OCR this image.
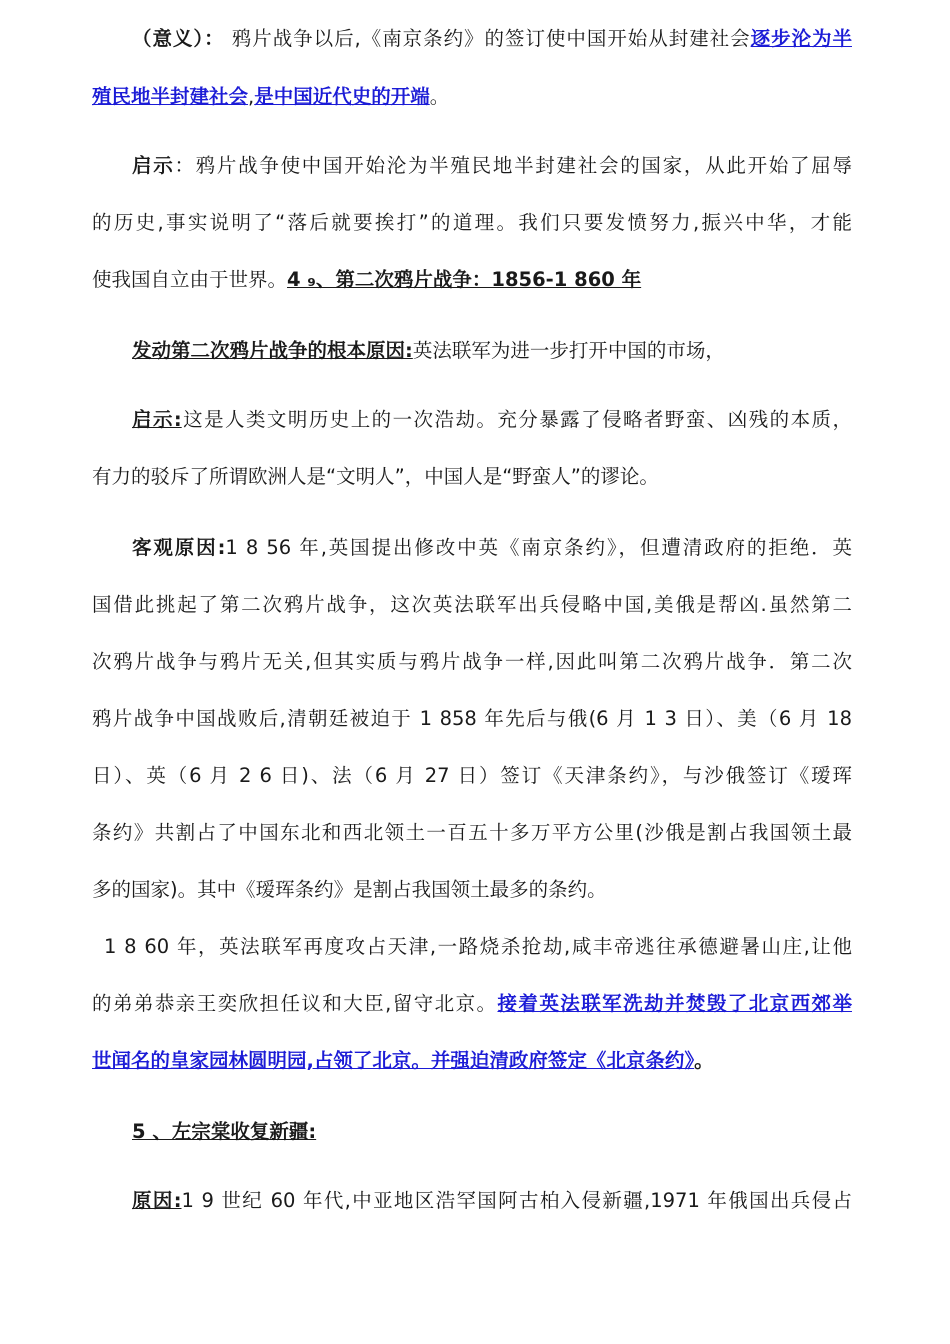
（意义）： 鸦片战争以后,《南京条约》的签订使中国开始从封建社会逐步沦为半
殖民地半封建社会,是中国近代史的开端。
启示：鸦片战争使中国开始沦为半殖民地半封建社会的国家，从此开始了屈辱
的历史,事实说明了“落后就要挨打”的道理。我们只要发愤努力,振兴中华，才能
使我国自立由于世界。4 ₉、第二次鸦片战争：1856-1 860 年
发动第二次鸦片战争的根本原因:英法联军为进一步打开中国的市场，
启示:这是人类文明历史上的一次浩劫。充分暴露了侵略者野蛮、凶残的本质，
有力的驳斥了所谓欧洲人是“文明人”，中国人是“野蛮人”的谬论。
客观原因:1 8 56 年,英国提出修改中英《南京条约》，但遭清政府的拒绝．英
国借此挑起了第二次鸦片战争，这次英法联军出兵侵略中国,美俄是帮凶.虽然第二
次鸦片战争与鸦片无关,但其实质与鸦片战争一样,因此叫第二次鸦片战争．第二次
鸦片战争中国战败后,清朝廷被迫于 1 858 年先后与俄(6 月 1 3 日）、美（6 月 18
日）、英（6 月 2 6 日)、法（6 月 27 日）签订《天津条约》，与沙俄签订《瑷珲
条约》共割占了中国东北和西北领土一百五十多万平方公里(沙俄是割占我国领土最
多的国家)。其中《瑷珲条约》是割占我国领土最多的条约。
1 8 60 年，英法联军再度攻占天津,一路烧杀抢劫,咸丰帝逃往承德避暑山庄,让他
的弟弟恭亲王奕欣担任议和大臣,留守北京。接着英法联军洗劫并焚毁了北京西郊举
世闻名的皇家园林圆明园,占领了北京。并强迫清政府签定《北京条约》。
5 、左宗棠收复新疆:
原因:1 9 世纪 60 年代,中亚地区浩罕国阿古柏入侵新疆,1971 年俄国出兵侵占
